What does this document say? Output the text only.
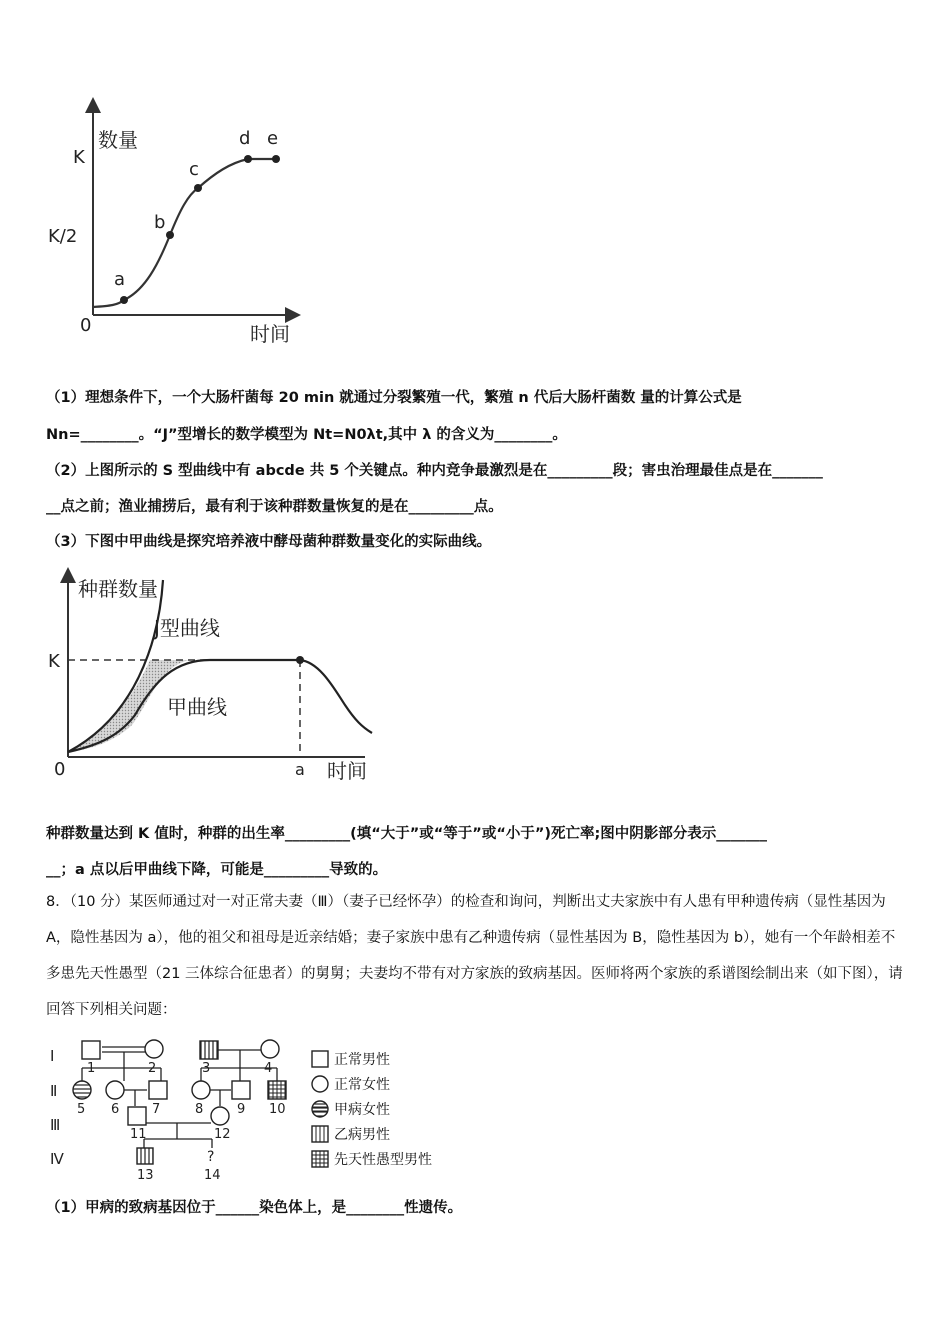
数量
K
K/2
0	时间
a
b
c
d e
（1）理想条件下，一个大肠杆菌每 20 min 就通过分裂繁殖一代，繁殖 n 代后大肠杆菌数 量的计算公式是
Nn=________。“J”型增长的数学模型为 Nt=N0λt,其中 λ 的含义为________。
（2）上图所示的 S 型曲线中有 abcde 共 5 个关键点。种内竞争最激烈是在_________段；害虫治理最佳点是在_______
__点之前；渔业捕捞后，最有利于该种群数量恢复的是在_________点。
（3）下图中甲曲线是探究培养液中酵母菌种群数量变化的实际曲线。
种群数量
J型曲线
甲曲线
K
0	a 时间
种群数量达到 K 值时，种群的出生率_________(填“大于”或“等于”或“小于”)死亡率;图中阴影部分表示_______
__；a 点以后甲曲线下降，可能是_________导致的。
8．（10 分）某医师通过对一对正常夫妻（Ⅲ）（妻子已经怀孕）的检查和询问，判断出丈夫家族中有人患有甲种遗传病（显性基因为 A，隐性基因为 a），他的祖父和祖母是近亲结婚；妻子家族中患有乙种遗传病（显性基因为 B，隐性基因为 b），她有一个年龄相差不多患先天性愚型（21 三体综合征患者）的舅舅；夫妻均不带有对方家族的致病基因。医师将两个家族的系谱图绘制出来（如下图），请回答下列相关问题：
Ⅰ
Ⅱ
Ⅲ
Ⅳ
1	2	3	4
5 6	7	8	9 10
11	12
?
13	14
正常男性
正常女性
甲病女性
乙病男性
先天性愚型男性
（1）甲病的致病基因位于______染色体上，是________性遗传。
